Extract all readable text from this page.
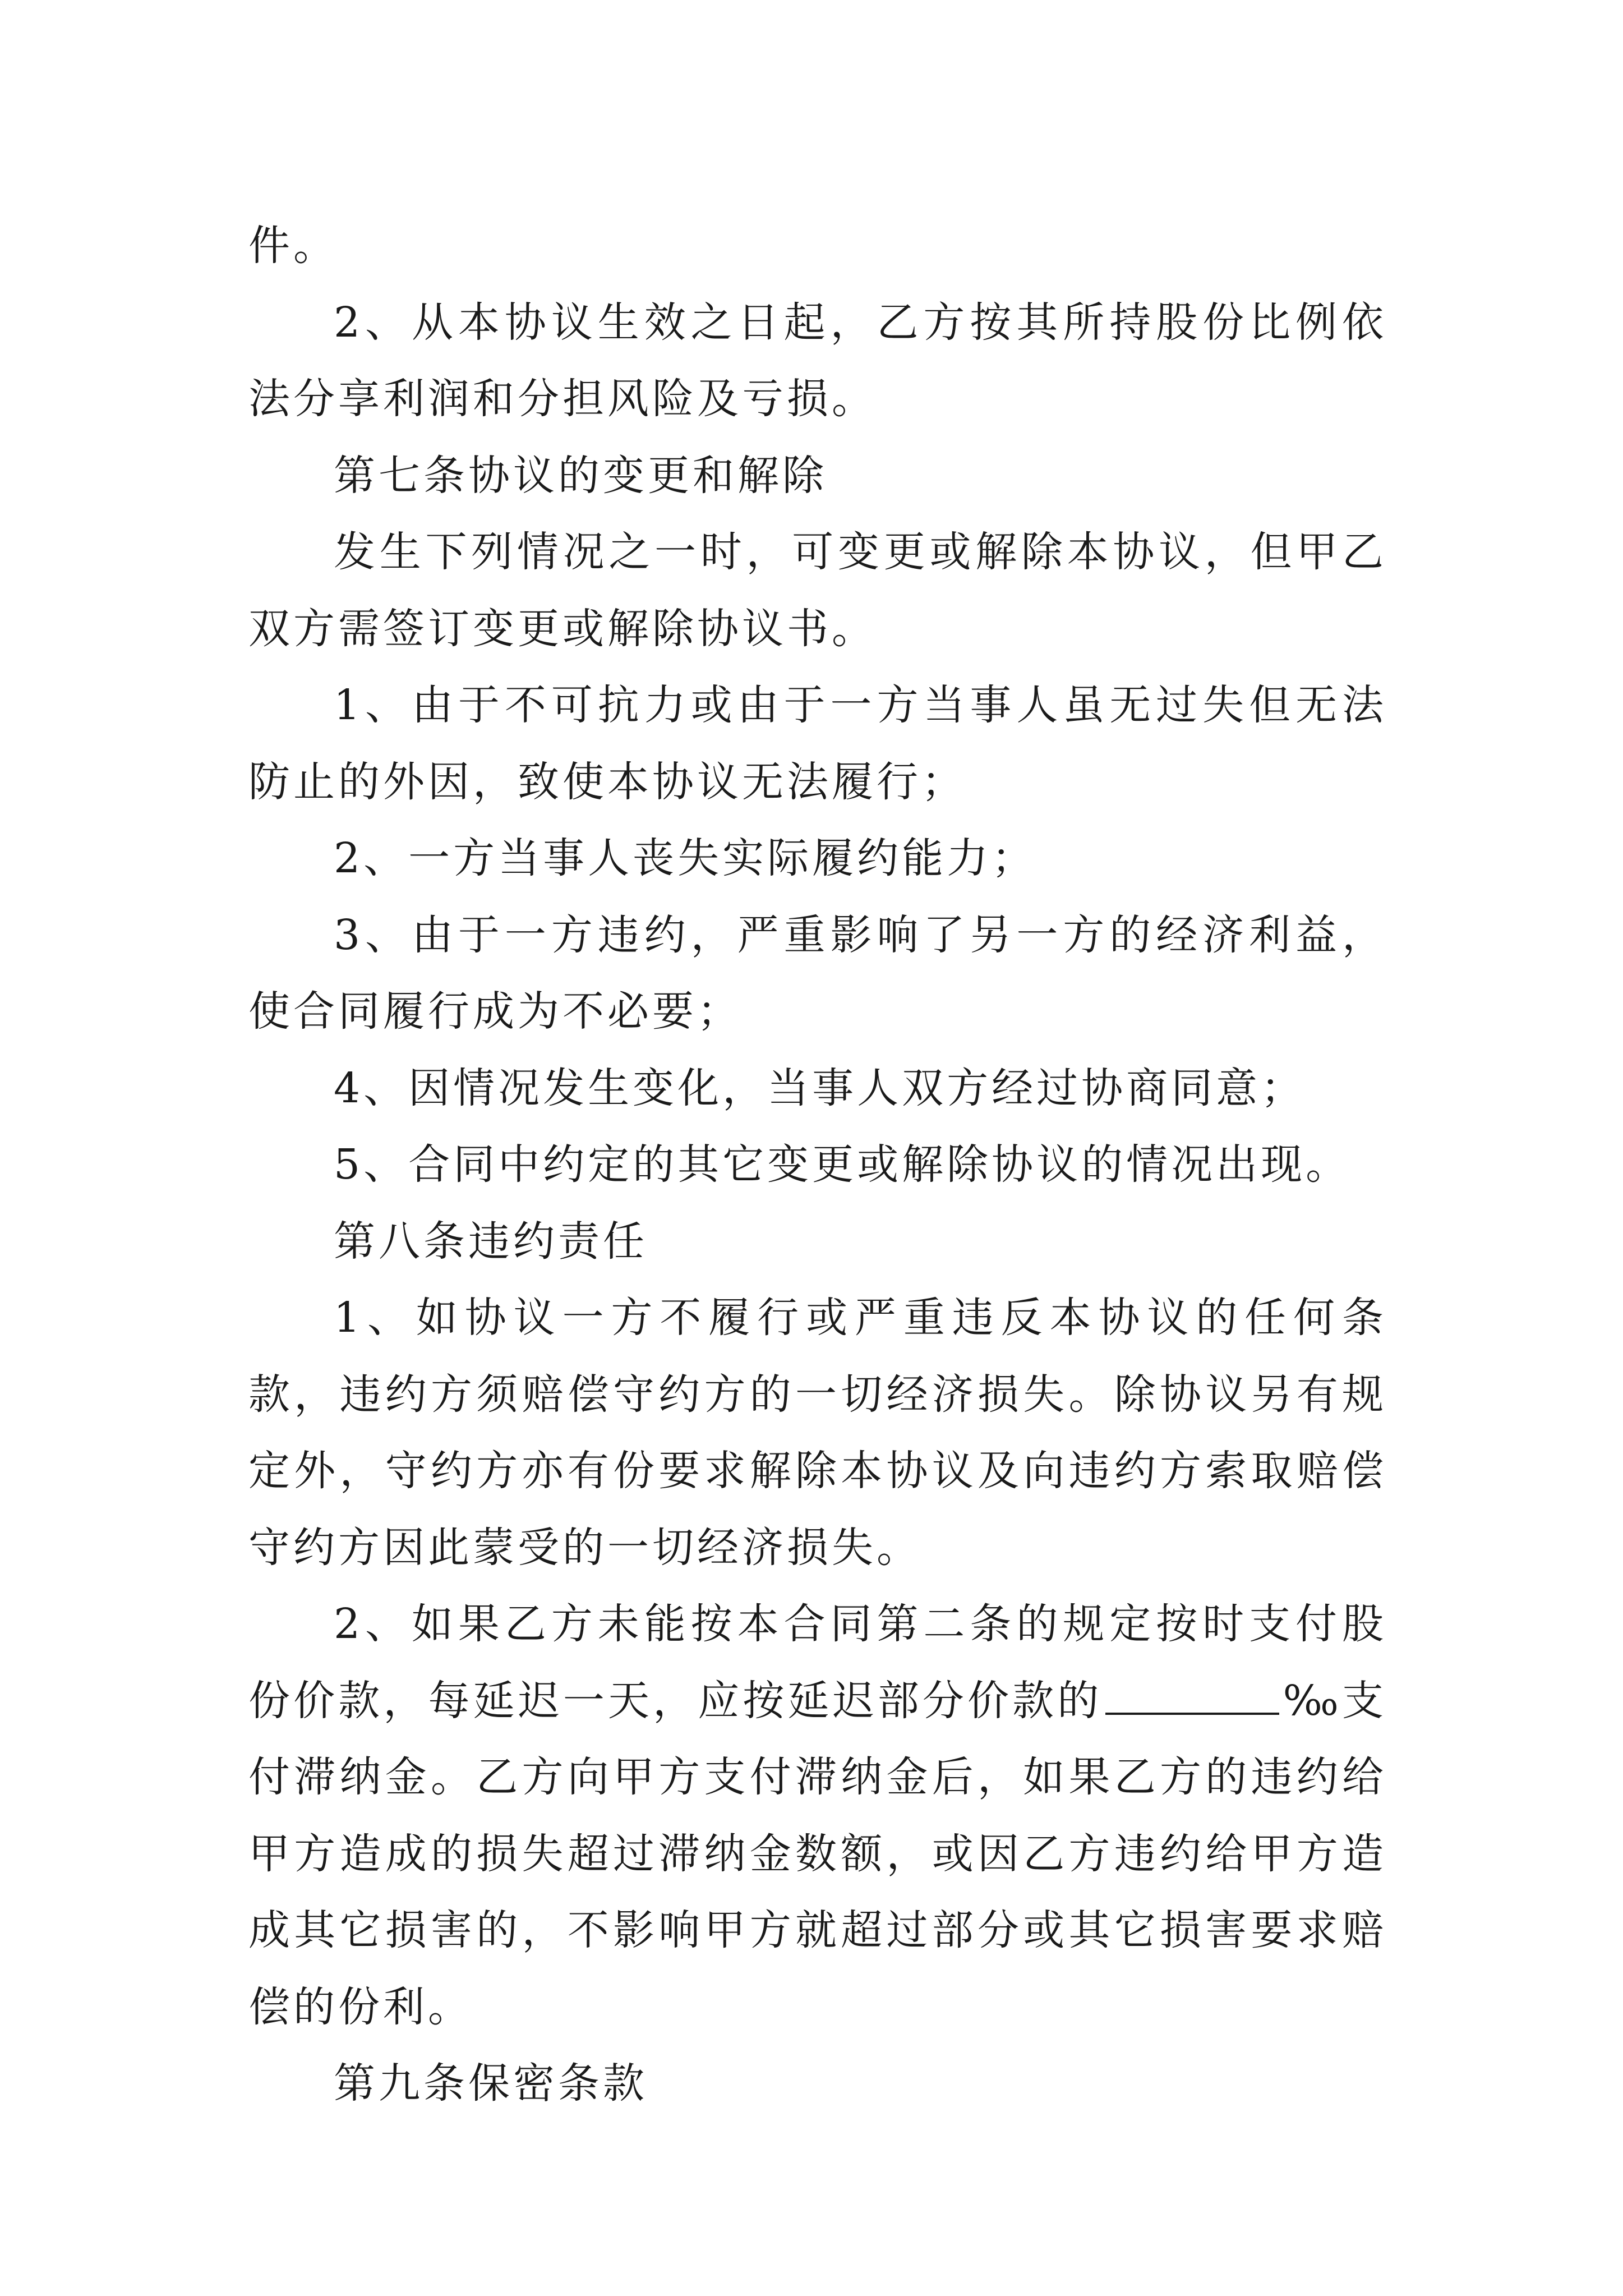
件。

2、从本协议生效之日起，乙方按其所持股份比例依法分享利润和分担风险及亏损。

第七条协议的变更和解除

发生下列情况之一时，可变更或解除本协议，但甲乙双方需签订变更或解除协议书。

1、由于不可抗力或由于一方当事人虽无过失但无法防止的外因，致使本协议无法履行；

2、一方当事人丧失实际履约能力；

3、由于一方违约，严重影响了另一方的经济利益，使合同履行成为不必要；

4、因情况发生变化，当事人双方经过协商同意；

5、合同中约定的其它变更或解除协议的情况出现。

第八条违约责任

1、如协议一方不履行或严重违反本协议的任何条款，违约方须赔偿守约方的一切经济损失。除协议另有规定外，守约方亦有份要求解除本协议及向违约方索取赔偿守约方因此蒙受的一切经济损失。

2、如果乙方未能按本合同第二条的规定按时支付股份价款，每延迟一天，应按延迟部分价款的	‰支付滞纳金。乙方向甲方支付滞纳金后，如果乙方的违约给甲方造成的损失超过滞纳金数额，或因乙方违约给甲方造成其它损害的，不影响甲方就超过部分或其它损害要求赔偿的份利。

第九条保密条款
